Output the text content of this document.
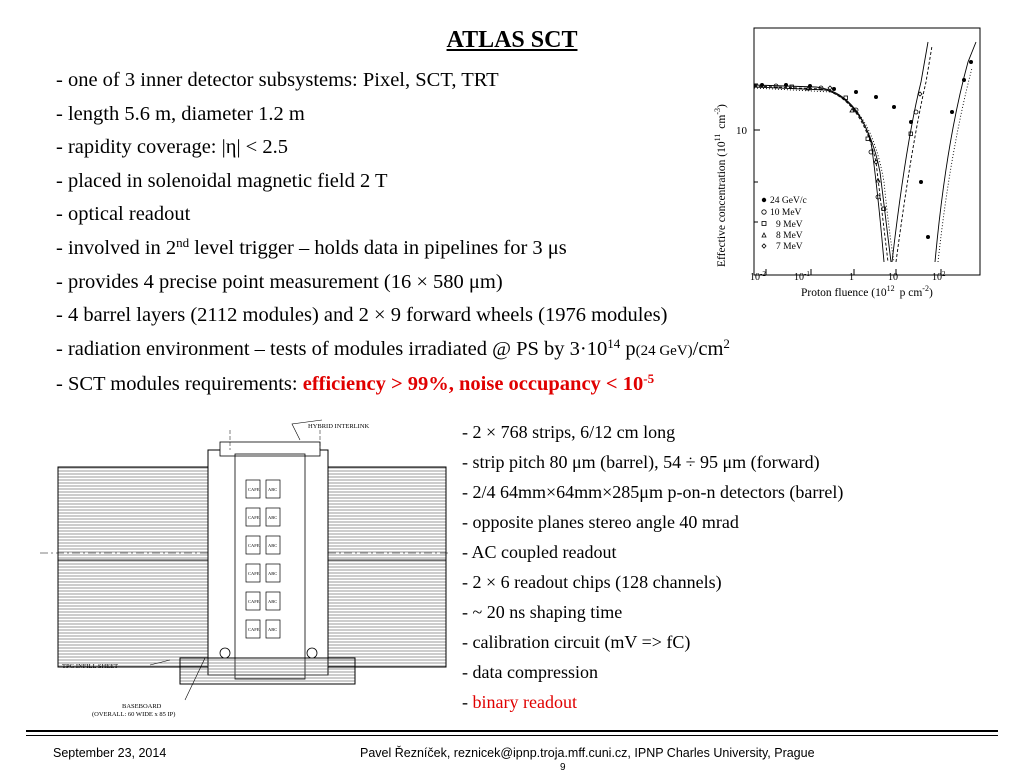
ATLAS SCT
- one of 3 inner detector subsystems: Pixel, SCT, TRT
- length 5.6 m, diameter 1.2 m
- rapidity coverage: |η| < 2.5
- placed in solenoidal magnetic field 2 T
- optical readout
- involved in 2nd level trigger – holds data in pipelines for 3 μs
- provides 4 precise point measurement (16 × 580 μm)
- 4 barrel layers (2112 modules) and 2 × 9 forward wheels (1976 modules)
- radiation environment – tests of modules irradiated @ PS by $3\cdot 10^{14}$ p(24 $GeV)/cm^2$
- SCT modules requirements: efficiency > 99%, noise occupancy < $10^{-5}$
24 GeV/c
10 MeV
9 MeV
8 MeV
7 MeV
10
Effective concentration $(10^{11}cm^{-3})$
$10^{-2}$	$10^{-1}$	1	10	$10^2$
Proton fluence ($10^{12}$ p $cm^{-2}$)
CAFE ABC
CAFE ABC
CAFE ABC
CAFE ABC
CAFE ABC
CAFE ABC
HYBRID INTERLINK
TPG INFILL SHEET
BASEBOARD
(OVERALL: 60 WIDE x 85 IP)
- 2 × 768 strips, 6/12 cm long
- strip pitch 80 μm (barrel), 54 ÷ 95 μm (forward)
- 2/4 64mm×64mm×285μm p-on-n detectors (barrel)
- opposite planes stereo angle 40 mrad
- AC coupled readout
- 2 × 6 readout chips (128 channels)
- ~ 20 ns shaping time
- calibration circuit (mV => fC)
- data compression
- binary readout
September 23, 2014	Pavel Řezníček, reznicek@ipnp.troja.mff.cuni.cz, IPNP Charles University, Prague
9
